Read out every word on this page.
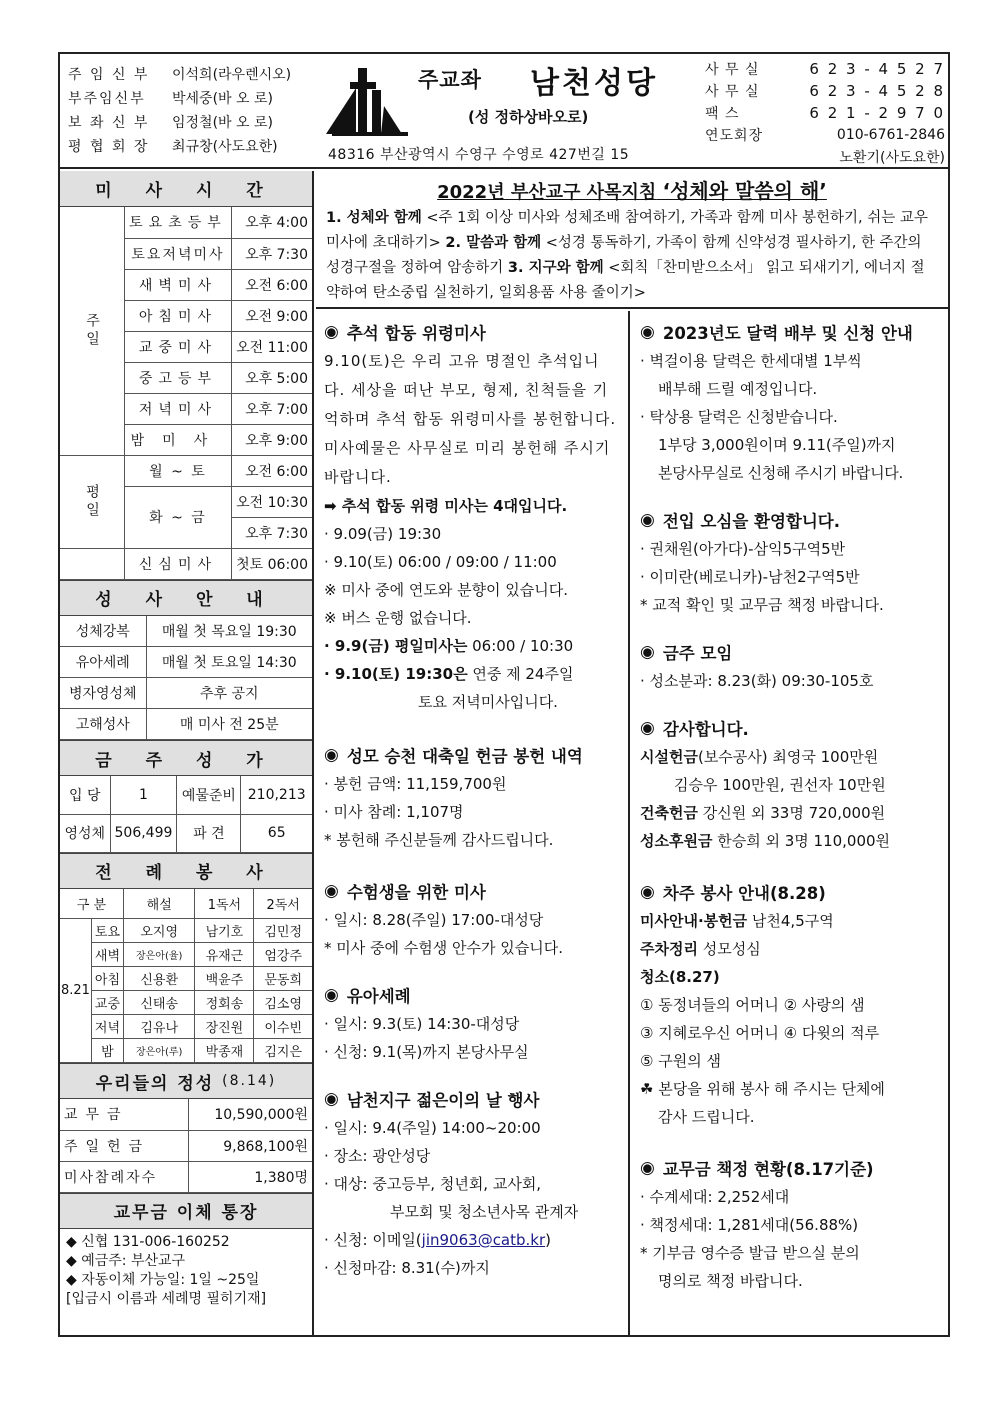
주 임 신 부	이석희(라우렌시오)
부주임신부	박세중(바 오 로)
보 좌 신 부	임정철(바 오 로)
평 협 회 장	최규창(사도요한)
주교좌 남천성당
(성 정하상바오로)
48316 부산광역시 수영구 수영로 427번길 15
사 무 실	6 2 3 - 4 5 2 7
사 무 실	6 2 3 - 4 5 2 8
팩 스	6 2 1 - 2 9 7 0
연도회장	010-6761-2846
노환기(사도요한)
미 사 시 간
주일	토요초등부	오후 4:00
	토요저녁미사	오후 7:30
	새벽미사	오전 6:00
	아침미사	오전 9:00
	교중미사	오전 11:00
	중고등부	오후 5:00
	저녁미사	오후 7:00
	밤미사	오후 9:00
평일	월 ~ 토	오전 6:00
	화 ~ 금	오전 10:30
		오후 7:30
	신심미사	첫토 06:00
성 사 안 내
성체강복	매월 첫 목요일 19:30
유아세례	매월 첫 토요일 14:30
병자영성체	추후 공지
고해성사	매 미사 전 25분
금 주 성 가
입 당	1	예물준비	210,213
영성체	506,499	파 견	65
전 례 봉 사
구 분		해설	1독서	2독서
8.21	토요	오지영	남기호	김민정
	새벽	장은아(율)	유재근	엄강주
	아침	신용환	백윤주	문동희
	교중	신태송	정회송	김소영
	저녁	김유나	장진원	이수빈
	밤	장은아(루)	박종재	김지은
우리들의 정성
(8.14)
교무금	10,590,000원
주일헌금	9,868,100원
미사참례자수	1,380명
교무금 이체 통장
◆ 신협 131-006-160252
◆ 예금주: 부산교구
◆ 자동이체 가능일: 1일 ~25일
[입금시 이름과 세례명 필히기재]
2022년 부산교구 사목지침 ‘성체와 말씀의 해’
1. 성체와 함께 <주 1회 이상 미사와 성체조배 참여하기, 가족과 함께 미사 봉헌하기, 쉬는 교우 미사에 초대하기> 2. 말씀과 함께 <성경 통독하기, 가족이 함께 신약성경 필사하기, 한 주간의 성경구절을 정하여 암송하기 3. 지구와 함께 <회칙「찬미받으소서」 읽고 되새기기, 에너지 절약하여 탄소중립 실천하기, 일회용품 사용 줄이기>
◉ 추석 합동 위령미사
9.10(토)은 우리 고유 명절인 추석입니다. 세상을 떠난 부모, 형제, 친척들을 기억하며 추석 합동 위령미사를 봉헌합니다. 미사예물은 사무실로 미리 봉헌해 주시기 바랍니다.
➡ 추석 합동 위령 미사는 4대입니다.
· 9.09(금) 19:30
· 9.10(토) 06:00 / 09:00 / 11:00
※ 미사 중에 연도와 분향이 있습니다.
※ 버스 운행 없습니다.
· 9.9(금) 평일미사는 06:00 / 10:30
· 9.10(토) 19:30은 연중 제 24주일
토요 저녁미사입니다.
◉ 성모 승천 대축일 헌금 봉헌 내역
· 봉헌 금액: 11,159,700원
· 미사 참례: 1,107명
* 봉헌해 주신분들께 감사드립니다.
◉ 수험생을 위한 미사
· 일시: 8.28(주일) 17:00-대성당
* 미사 중에 수험생 안수가 있습니다.
◉ 유아세례
· 일시: 9.3(토) 14:30-대성당
· 신청: 9.1(목)까지 본당사무실
◉ 남천지구 젊은이의 날 행사
· 일시: 9.4(주일) 14:00~20:00
· 장소: 광안성당
· 대상: 중고등부, 청년회, 교사회,
부모회 및 청소년사목 관계자
· 신청: 이메일(jin9063@catb.kr)
· 신청마감: 8.31(수)까지
◉ 2023년도 달력 배부 및 신청 안내
· 벽걸이용 달력은 한세대별 1부씩
배부해 드릴 예정입니다.
· 탁상용 달력은 신청받습니다.
1부당 3,000원이며 9.11(주일)까지
본당사무실로 신청해 주시기 바랍니다.
◉ 전입 오심을 환영합니다.
· 권채원(아가다)-삼익5구역5반
· 이미란(베로니카)-남천2구역5반
* 교적 확인 및 교무금 책정 바랍니다.
◉ 금주 모임
· 성소분과: 8.23(화) 09:30-105호
◉ 감사합니다.
시설헌금(보수공사) 최영국 100만원
김승우 100만원, 권선자 10만원
건축헌금 강신원 외 33명 720,000원
성소후원금 한승희 외 3명 110,000원
◉ 차주 봉사 안내(8.28)
미사안내·봉헌금 남천4,5구역
주차정리 성모성심
청소(8.27)
① 동정녀들의 어머니 ② 사랑의 샘
③ 지혜로우신 어머니 ④ 다윗의 적루
⑤ 구원의 샘
☘ 본당을 위해 봉사 해 주시는 단체에
감사 드립니다.
◉ 교무금 책정 현황(8.17기준)
· 수계세대: 2,252세대
· 책정세대: 1,281세대(56.88%)
* 기부금 영수증 발급 받으실 분의
명의로 책정 바랍니다.
